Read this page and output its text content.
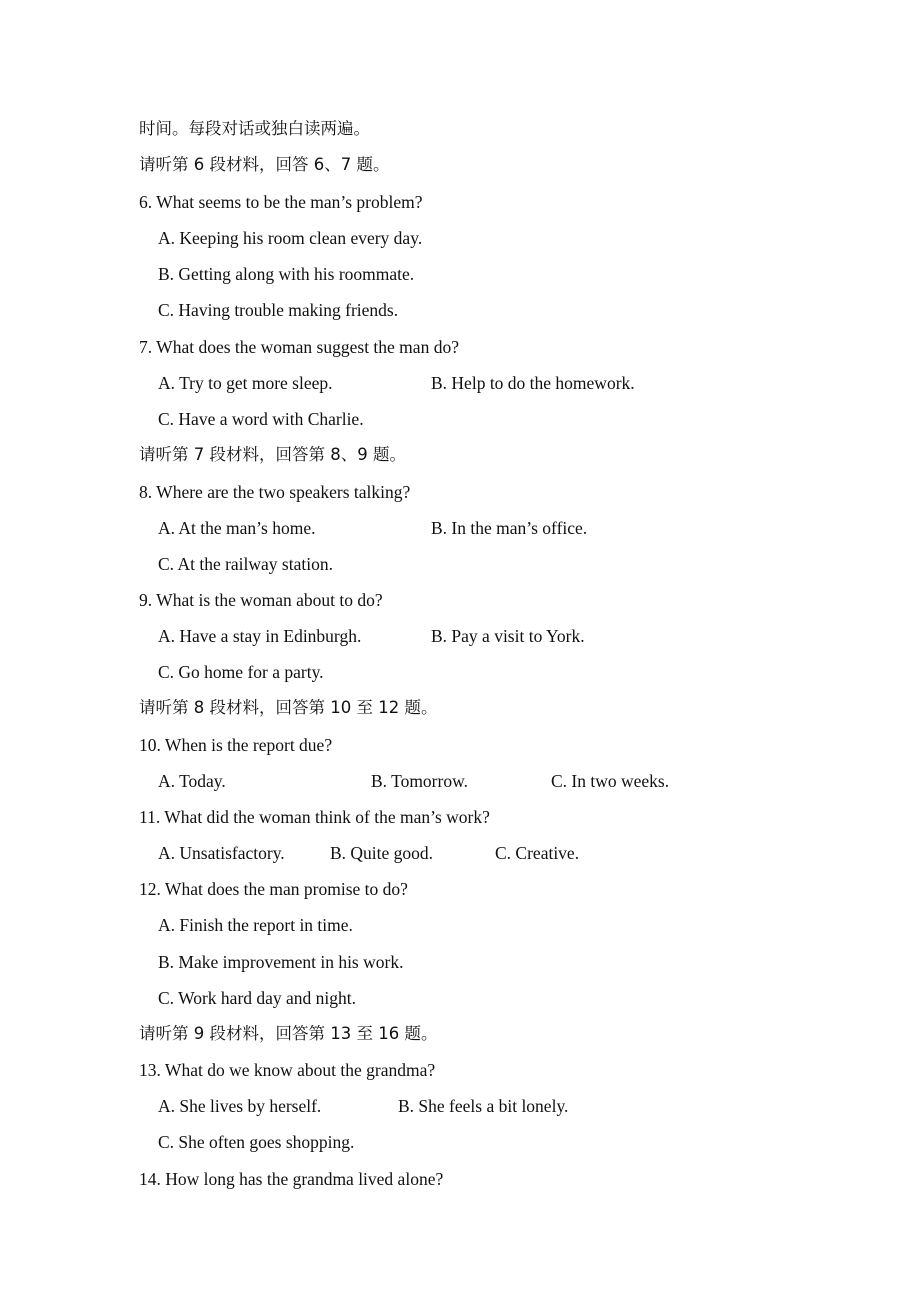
时间。每段对话或独白读两遍。
请听第 6 段材料，回答 6、7 题。
6. What seems to be the man’s problem?
A. Keeping his room clean every day.
B. Getting along with his roommate.
C. Having trouble making friends.
7. What does the woman suggest the man do?
A. Try to get more sleep.	B. Help to do the homework.
C. Have a word with Charlie.
请听第 7 段材料，回答第 8、9 题。
8. Where are the two speakers talking?
A. At the man’s home.	B. In the man’s office.
C. At the railway station.
9. What is the woman about to do?
A. Have a stay in Edinburgh.	B. Pay a visit to York.
C. Go home for a party.
请听第 8 段材料，回答第 10 至 12 题。
10. When is the report due?
A. Today.	B. Tomorrow.	C. In two weeks.
11. What did the woman think of the man’s work?
A. Unsatisfactory.	B. Quite good.	C. Creative.
12. What does the man promise to do?
A. Finish the report in time.
B. Make improvement in his work.
C. Work hard day and night.
请听第 9 段材料，回答第 13 至 16 题。
13. What do we know about the grandma?
A. She lives by herself.	B. She feels a bit lonely.
C. She often goes shopping.
14. How long has the grandma lived alone?
